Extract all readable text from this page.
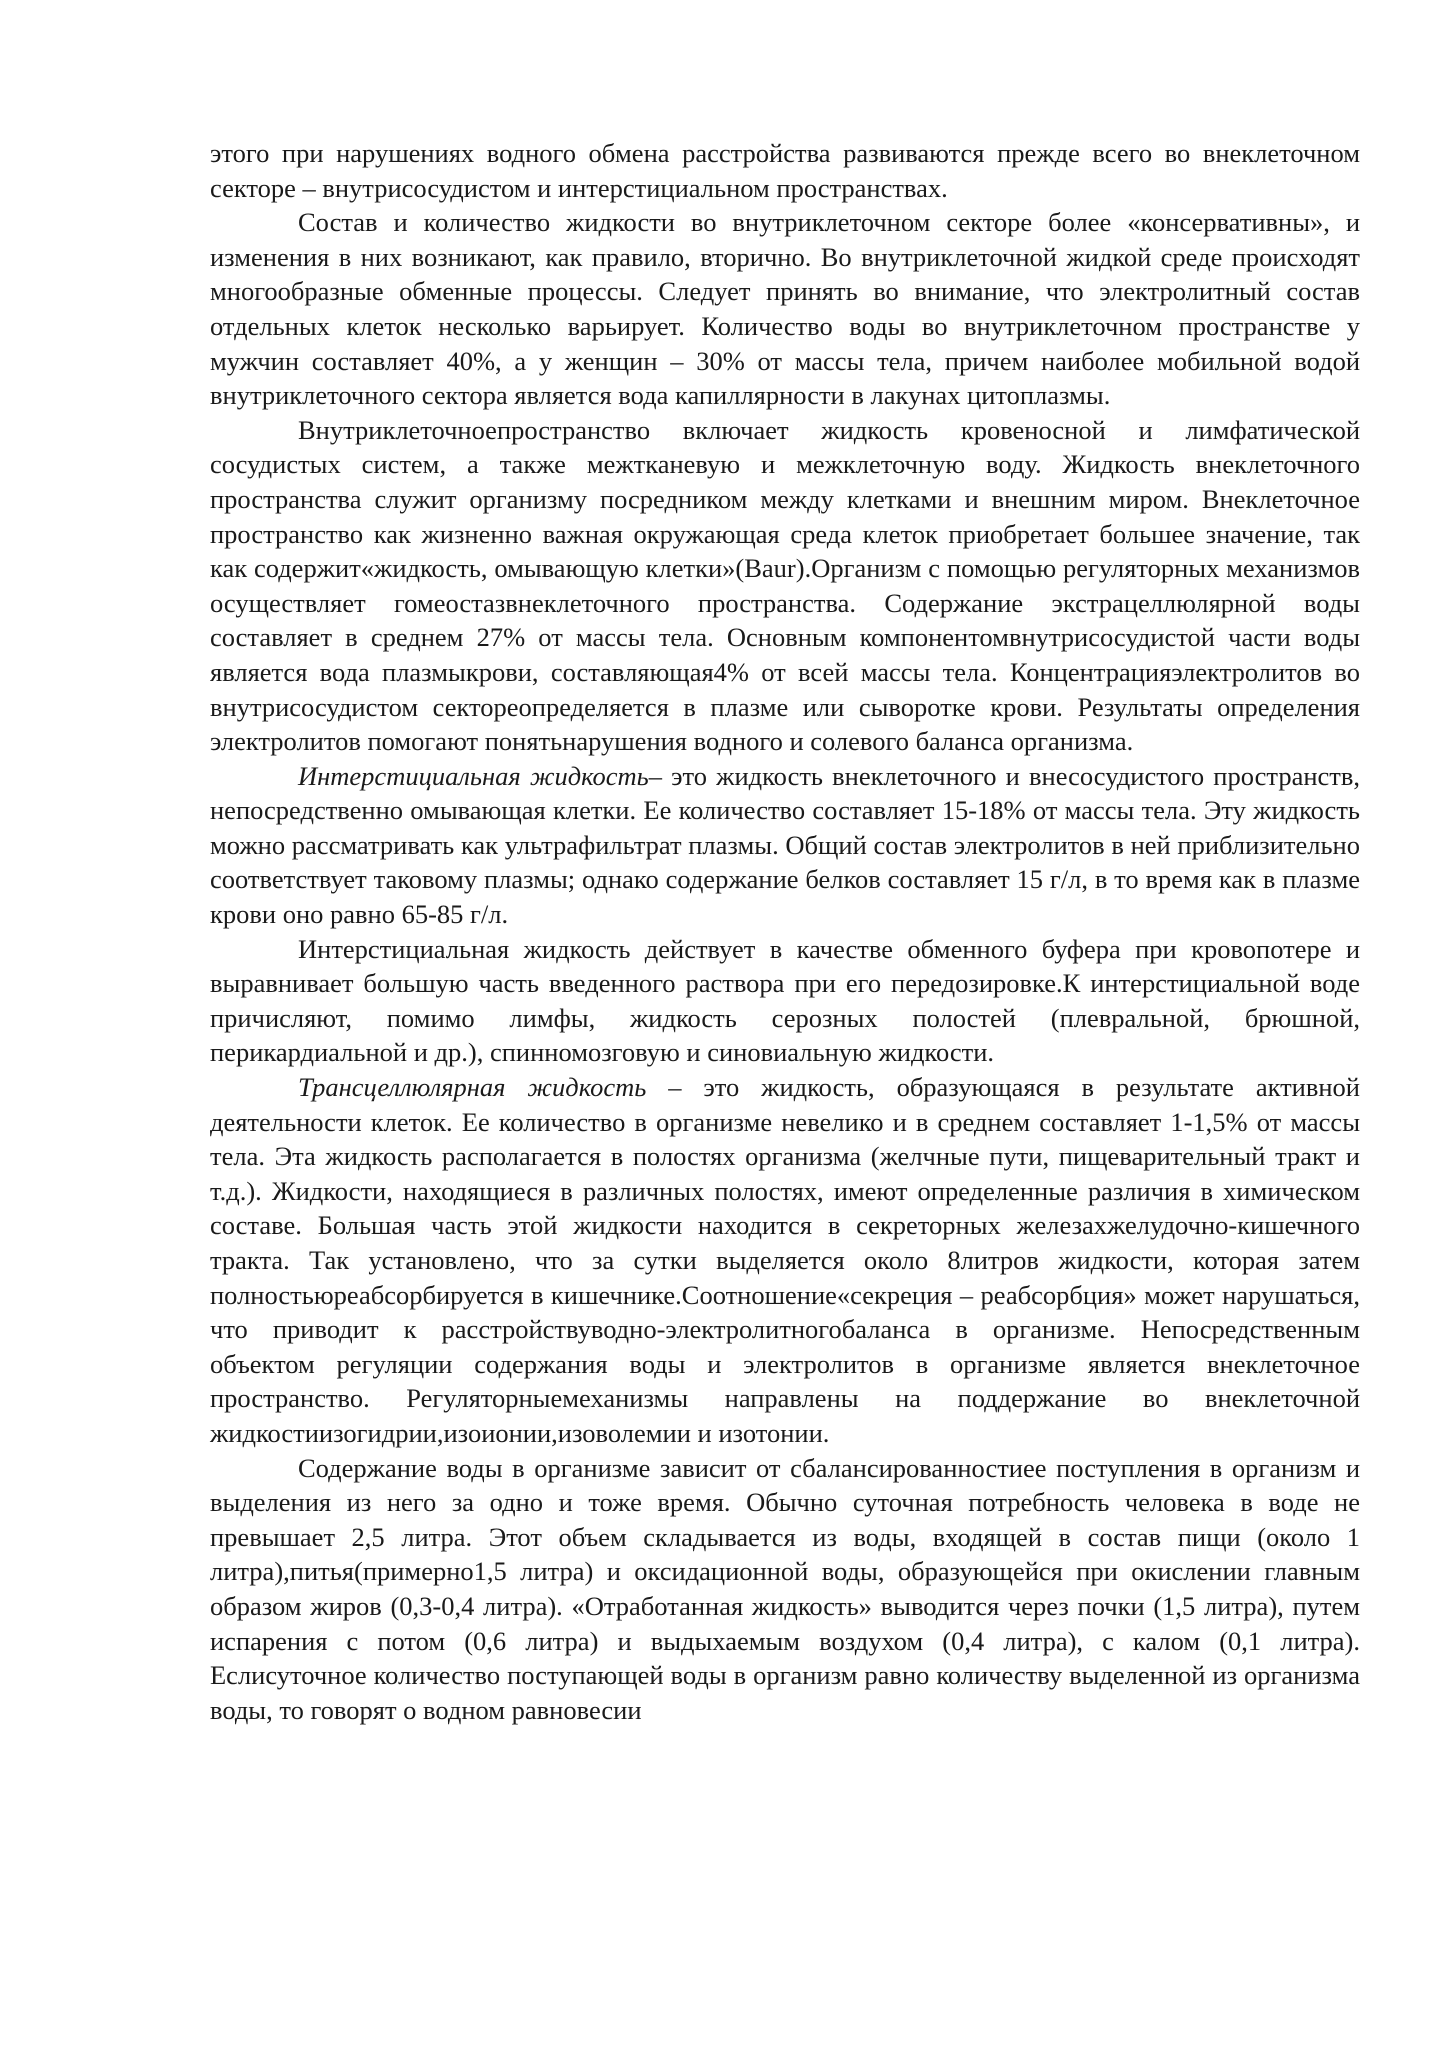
этого при нарушениях водного обмена расстройства развиваются прежде всего во внеклеточном секторе – внутрисосудистом и интерстициальном пространствах.

Состав и количество жидкости во внутриклеточном секторе более «консервативны», и изменения в них возникают, как правило, вторично. Во внутриклеточной жидкой среде происходят многообразные обменные процессы. Следует принять во внимание, что электролитный состав отдельных клеток несколько варьирует. Количество воды во внутриклеточном пространстве у мужчин составляет 40%, а у женщин – 30% от массы тела, причем наиболее мобильной водой внутриклеточного сектора является вода капиллярности в лакунах цитоплазмы.

Внутриклеточноепространство включает жидкость кровеносной и лимфатической сосудистых систем, а также межтканевую и межклеточную воду. Жидкость внеклеточного пространства служит организму посредником между клетками и внешним миром. Внеклеточное пространство как жизненно важная окружающая среда клеток приобретает большее значение, так как содержит«жидкость, омывающую клетки»(Baur).Организм с помощью регуляторных механизмов осуществляет гомеостазвнеклеточного пространства. Содержание экстрацеллюлярной воды составляет в среднем 27% от массы тела. Основным компонентомвнутрисосудистой части воды является вода плазмыкрови, составляющая4% от всей массы тела. Концентрацияэлектролитов во внутрисосудистом сектореопределяется в плазме или сыворотке крови. Результаты определения электролитов помогают понятьнарушения водного и солевого баланса организма.

Интерстициальная жидкость– это жидкость внеклеточного и внесосудистого пространств, непосредственно омывающая клетки. Ее количество составляет 15-18% от массы тела. Эту жидкость можно рассматривать как ультрафильтрат плазмы. Общий состав электролитов в ней приблизительно соответствует таковому плазмы; однако содержание белков составляет 15 г/л, в то время как в плазме крови оно равно 65-85 г/л.

Интерстициальная жидкость действует в качестве обменного буфера при кровопотере и выравнивает большую часть введенного раствора при его передозировке.К интерстициальной воде причисляют, помимо лимфы, жидкость серозных полостей (плевральной, брюшной, перикардиальной и др.), спинномозговую и синовиальную жидкости.

Трансцеллюлярная жидкость – это жидкость, образующаяся в результате активной деятельности клеток. Ее количество в организме невелико и в среднем составляет 1-1,5% от массы тела. Эта жидкость располагается в полостях организма (желчные пути, пищеварительный тракт и т.д.). Жидкости, находящиеся в различных полостях, имеют определенные различия в химическом составе. Большая часть этой жидкости находится в секреторных железахжелудочно-кишечного тракта. Так установлено, что за сутки выделяется около 8литров жидкости, которая затем полностьюреабсорбируется в кишечнике.Соотношение«секреция – реабсорбция» может нарушаться, что приводит к расстройствуводно-электролитногобаланса в организме. Непосредственным объектом регуляции содержания воды и электролитов в организме является внеклеточное пространство. Регуляторныемеханизмы направлены на поддержание во внеклеточной жидкостиизогидрии,изоионии,изоволемии и изотонии.

Содержание воды в организме зависит от сбалансированностиее поступления в организм и выделения из него за одно и тоже время. Обычно суточная потребность человека в воде не превышает 2,5 литра. Этот объем складывается из воды, входящей в состав пищи (около 1 литра),питья(примерно1,5 литра) и оксидационной воды, образующейся при окислении главным образом жиров (0,3-0,4 литра). «Отработанная жидкость» выводится через почки (1,5 литра), путем испарения с потом (0,6 литра) и выдыхаемым воздухом (0,4 литра), с калом (0,1 литра). Еслисуточное количество поступающей воды в организм равно количеству выделенной из организма воды, то говорят о водном равновесии
